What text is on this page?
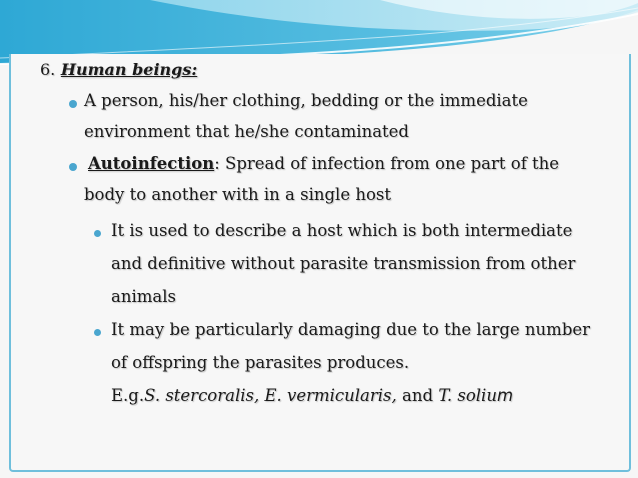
6. Human beings:
A person, his/her clothing, bedding or the immediate
environment that he/she contaminated
Autoinfection: Spread of infection from one part of the
body to another with in a single host
It is used to describe a host which is both intermediate
and definitive without parasite transmission from other
animals
It may be particularly damaging due to the large number
of offspring the parasites produces.
E.g.S. stercoralis, E. vermicularis, and T. solium
